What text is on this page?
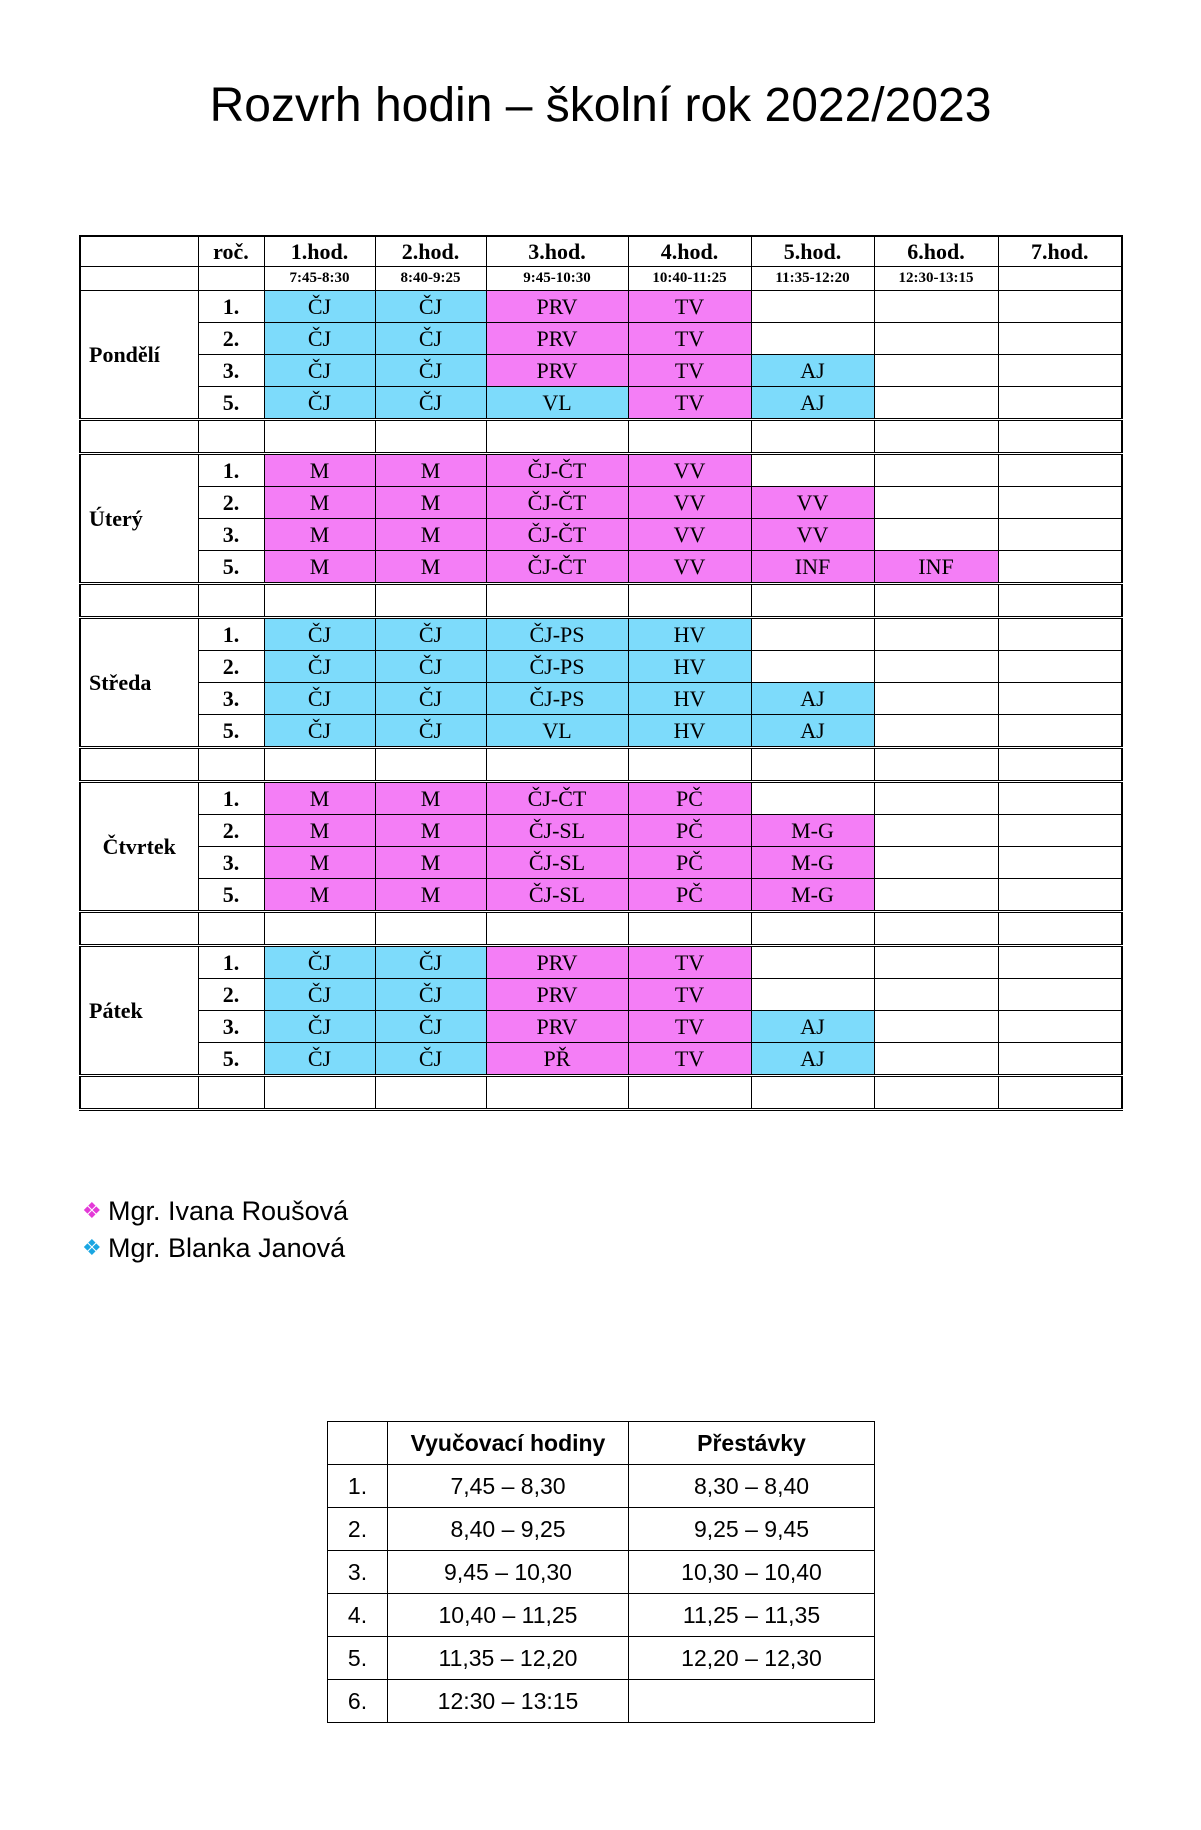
Rozvrh hodin – školní rok 2022/2023
	roč.	1.hod.	2.hod.	3.hod.	4.hod.	5.hod.	6.hod.	7.hod.
		7:45-8:30	8:40-9:25	9:45-10:30	10:40-11:25	11:35-12:20	12:30-13:15	
Pondělí	1.	ČJ	ČJ	PRV	TV			
	2.	ČJ	ČJ	PRV	TV			
	3.	ČJ	ČJ	PRV	TV	AJ		
	5.	ČJ	ČJ	VL	TV	AJ		

Úterý	1.	M	M	ČJ-ČT	VV			
	2.	M	M	ČJ-ČT	VV	VV		
	3.	M	M	ČJ-ČT	VV	VV		
	5.	M	M	ČJ-ČT	VV	INF	INF	

Středa	1.	ČJ	ČJ	ČJ-PS	HV			
	2.	ČJ	ČJ	ČJ-PS	HV			
	3.	ČJ	ČJ	ČJ-PS	HV	AJ		
	5.	ČJ	ČJ	VL	HV	AJ		

Čtvrtek	1.	M	M	ČJ-ČT	PČ			
	2.	M	M	ČJ-SL	PČ	M-G		
	3.	M	M	ČJ-SL	PČ	M-G		
	5.	M	M	ČJ-SL	PČ	M-G		

Pátek	1.	ČJ	ČJ	PRV	TV			
	2.	ČJ	ČJ	PRV	TV			
	3.	ČJ	ČJ	PRV	TV	AJ		
	5.	ČJ	ČJ	PŘ	TV	AJ		

❖ Mgr. Ivana Roušová
❖ Mgr. Blanka Janová
	Vyučovací hodiny	Přestávky
1.	7,45 – 8,30	8,30 – 8,40
2.	8,40 – 9,25	9,25 – 9,45
3.	9,45 – 10,30	10,30 – 10,40
4.	10,40 – 11,25	11,25 – 11,35
5.	11,35 – 12,20	12,20 – 12,30
6.	12:30 – 13:15	
